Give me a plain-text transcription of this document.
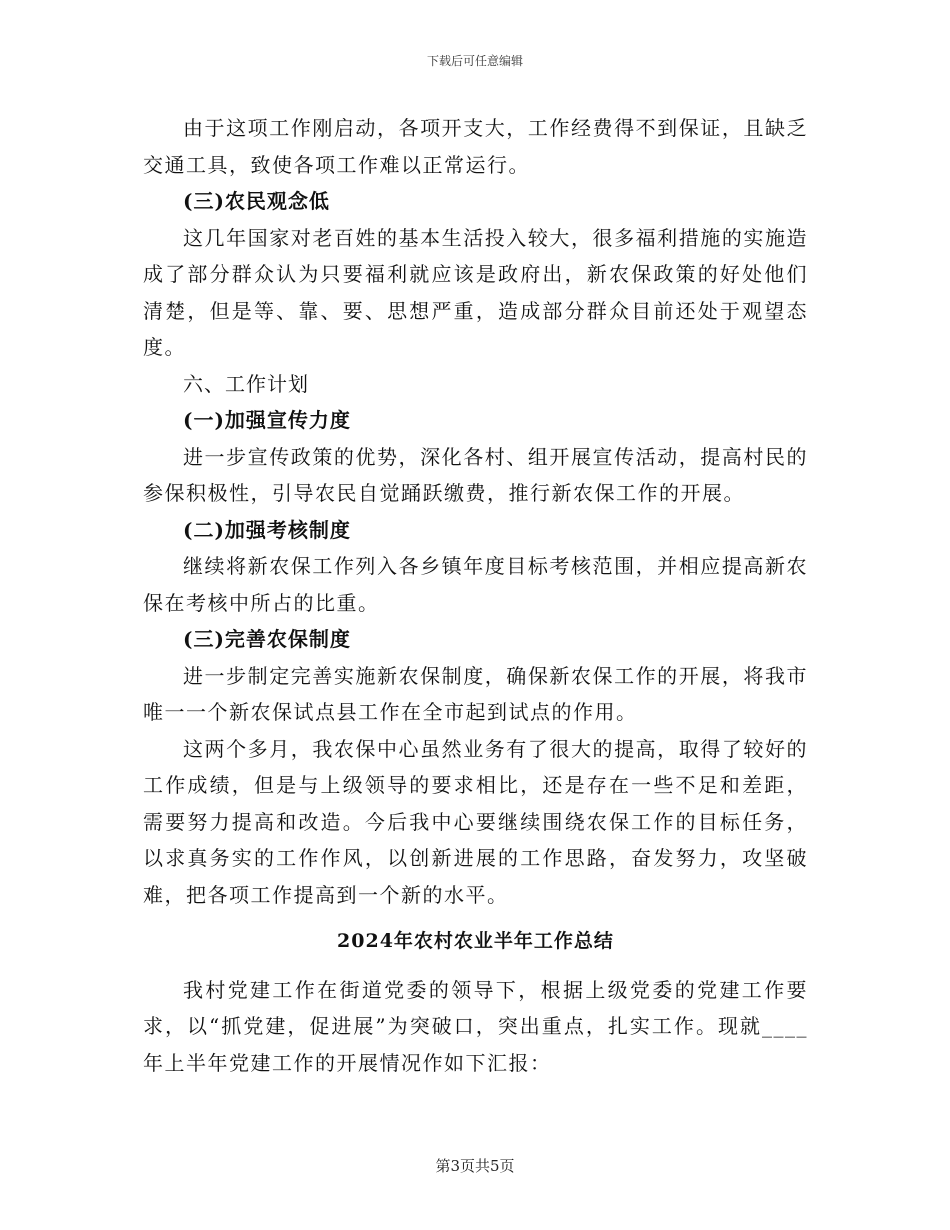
下载后可任意编辑

由于这项工作刚启动，各项开支大，工作经费得不到保证，且缺乏交通工具，致使各项工作难以正常运行。

(三)农民观念低

这几年国家对老百姓的基本生活投入较大，很多福利措施的实施造成了部分群众认为只要福利就应该是政府出，新农保政策的好处他们清楚，但是等、靠、要、思想严重，造成部分群众目前还处于观望态度。

六、工作计划

(一)加强宣传力度

进一步宣传政策的优势，深化各村、组开展宣传活动，提高村民的参保积极性，引导农民自觉踊跃缴费，推行新农保工作的开展。

(二)加强考核制度

继续将新农保工作列入各乡镇年度目标考核范围，并相应提高新农保在考核中所占的比重。

(三)完善农保制度

进一步制定完善实施新农保制度，确保新农保工作的开展，将我市唯一一个新农保试点县工作在全市起到试点的作用。

这两个多月，我农保中心虽然业务有了很大的提高，取得了较好的工作成绩，但是与上级领导的要求相比，还是存在一些不足和差距，需要努力提高和改造。今后我中心要继续围绕农保工作的目标任务，以求真务实的工作作风，以创新进展的工作思路，奋发努力，攻坚破难，把各项工作提高到一个新的水平。

2024年农村农业半年工作总结

我村党建工作在街道党委的领导下，根据上级党委的党建工作要求，以“抓党建，促进展”为突破口，突出重点，扎实工作。现就____年上半年党建工作的开展情况作如下汇报：

第3页共5页
